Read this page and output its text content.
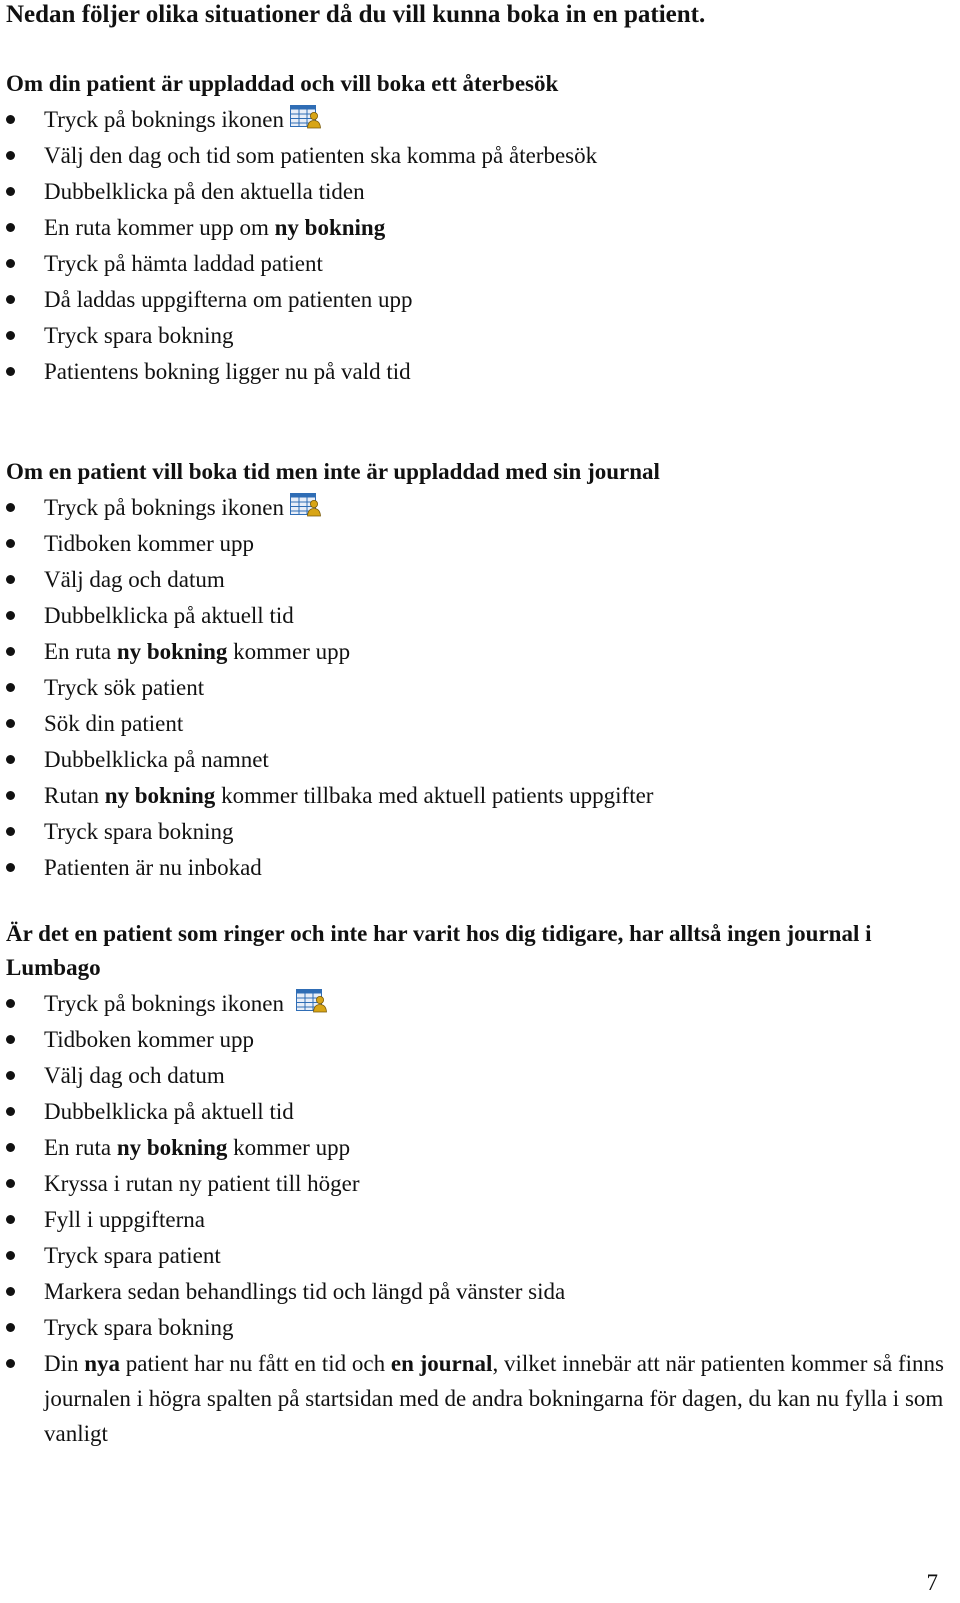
Nedan följer olika situationer då du vill kunna boka in en patient.

Om din patient är uppladdad och vill boka ett återbesök
Tryck på boknings ikonen
Välj den dag och tid som patienten ska komma på återbesök
Dubbelklicka på den aktuella tiden
En ruta kommer upp om ny bokning
Tryck på hämta laddad patient
Då laddas uppgifterna om patienten upp
Tryck spara bokning
Patientens bokning ligger nu på vald tid
Om en patient vill boka tid men inte är uppladdad med sin journal
Tryck på boknings ikonen
Tidboken kommer upp
Välj dag och datum
Dubbelklicka på aktuell tid
En ruta ny bokning kommer upp
Tryck sök patient
Sök din patient
Dubbelklicka på namnet
Rutan ny bokning kommer tillbaka med aktuell patients uppgifter
Tryck spara bokning
Patienten är nu inbokad
Är det en patient som ringer och inte har varit hos dig tidigare, har alltså ingen journal i Lumbago
Tryck på boknings ikonen
Tidboken kommer upp
Välj dag och datum
Dubbelklicka på aktuell tid
En ruta ny bokning kommer upp
Kryssa i rutan ny patient till höger
Fyll i uppgifterna
Tryck spara patient
Markera sedan behandlings tid och längd på vänster sida
Tryck spara bokning
Din nya patient har nu fått en tid och en journal, vilket innebär att när patienten kommer så finns journalen i högra spalten på startsidan med de andra bokningarna för dagen, du kan nu fylla i som vanligt

7
